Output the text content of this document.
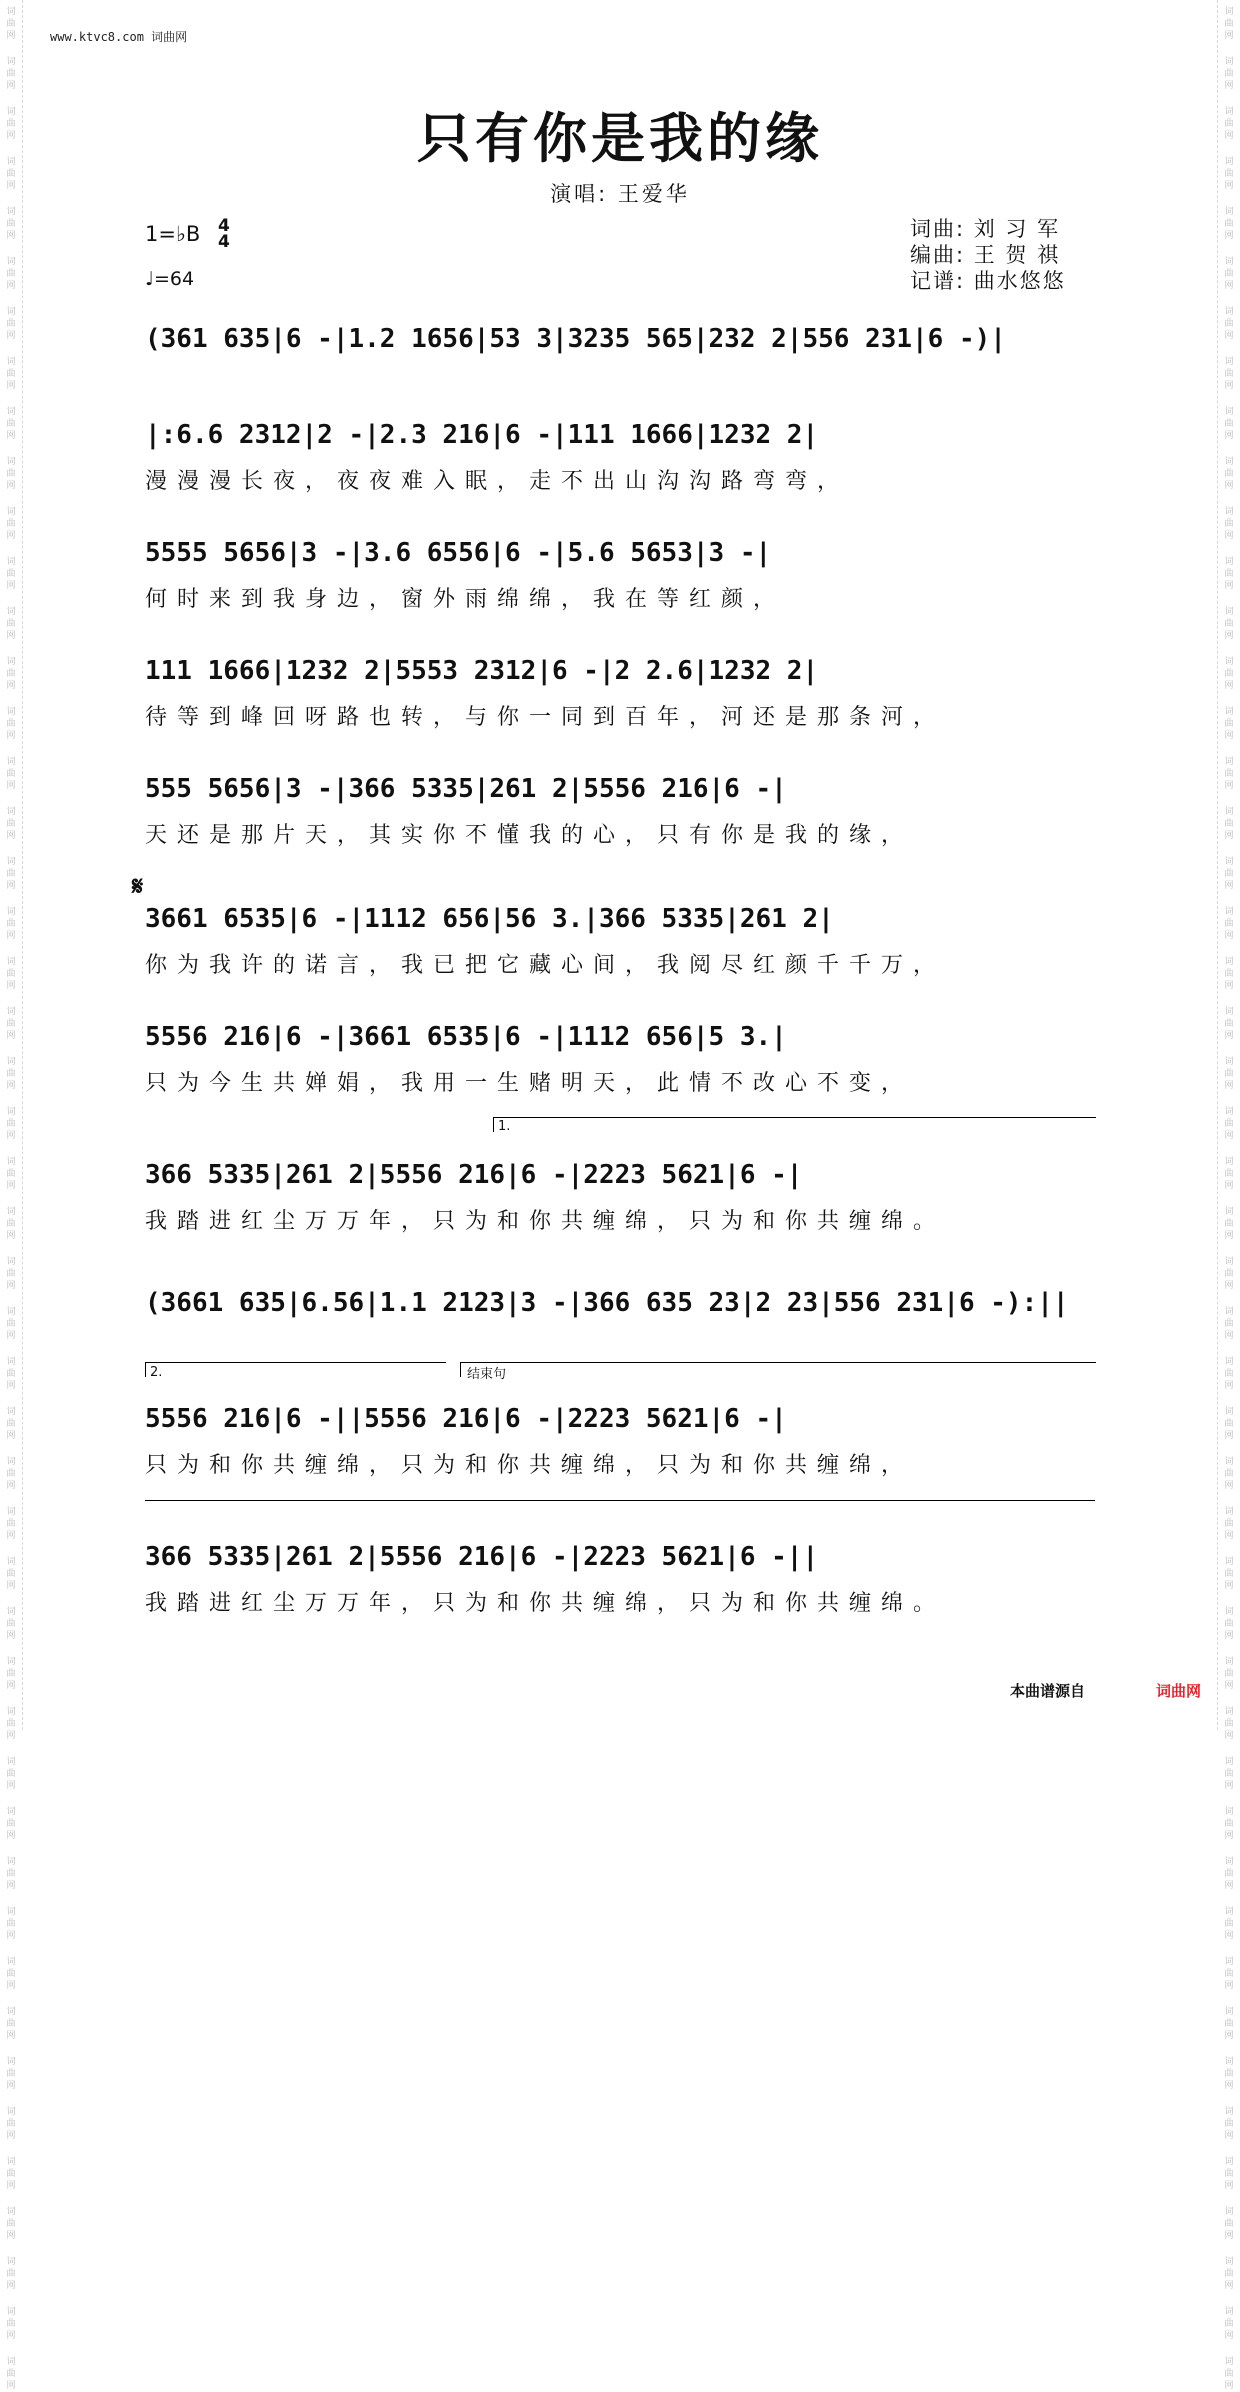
词
曲
网
词
曲
网
词
曲
网
词
曲
网
词
曲
网
词
曲
网
词
曲
网
词
曲
网
词
曲
网
词
曲
网
词
曲
网
词
曲
网
词
曲
网
词
曲
网
词
曲
网
词
曲
网
词
曲
网
词
曲
网
词
曲
网
词
曲
网
词
曲
网
词
曲
网
词
曲
网
词
曲
网
词
曲
网
词
曲
网
词
曲
网
词
曲
网
词
曲
网
词
曲
网
词
曲
网
词
曲
网
词
曲
网
词
曲
网
词
曲
网
词
曲
网
词
曲
网
词
曲
网
词
曲
网
词
曲
网
词
曲
网
词
曲
网
词
曲
网
词
曲
网
词
曲
网
词
曲
网
词
曲
网
词
曲
网
词
曲
网
词
曲
网
词
曲
网
词
曲
网
词
曲
网
词
曲
网
词
曲
网
词
曲
网
词
曲
网
词
曲
网
词
曲
网
词
曲
网
词
曲
网
词
曲
网
词
曲
网
词
曲
网
词
曲
网
词
曲
网
词
曲
网
词
曲
网
词
曲
网
词
曲
网
词
曲
网
词
曲
网
词
曲
网
词
曲
网
词
曲
网
词
曲
网
词
曲
网
词
曲
网
词
曲
网
词
曲
网
词
曲
网
词
曲
网
词
曲
网
词
曲
网
词
曲
网
词
曲
网
词
曲
网
词
曲
网
词
曲
网
词
曲
网
词
曲
网
词
曲
网
词
曲
网
词
曲
网
词
曲
网
词
曲
网
www.ktvc8.com 词曲网
只有你是我的缘
演唱: 王爱华
1=♭B 4
4
♩=64
词曲: 刘 习 军
编曲: 王 贺 祺
记谱: 曲水悠悠
(361 635|6 -|1.2 1656|53 3|3235 565|232 2|556 231|6 -)|
|:6.6 2312|2 -|2.3 216|6 -|111 1666|1232 2|
漫漫漫长夜，夜夜难入眠，走不出山沟沟路弯弯，
5555 5656|3 -|3.6 6556|6 -|5.6 5653|3 -|
何时来到我身边，窗外雨绵绵，我在等红颜，
111 1666|1232 2|5553 2312|6 -|2 2.6|1232 2|
待等到峰回呀路也转，与你一同到百年，河还是那条河，
555 5656|3 -|366 5335|261 2|5556 216|6 -|
天还是那片天，其实你不懂我的心，只有你是我的缘，
𝄋
3661 6535|6 -|1112 656|56 3.|366 5335|261 2|
你为我许的诺言，我已把它藏心间，我阅尽红颜千千万，
5556 216|6 -|3661 6535|6 -|1112 656|5 3.|
只为今生共婵娟，我用一生赌明天，此情不改心不变，
1.
366 5335|261 2|5556 216|6 -|2223 5621|6 -|
我踏进红尘万万年，只为和你共缠绵，只为和你共缠绵。
(3661 635|6.56|1.1 2123|3 -|366 635 23|2 23|556 231|6 -):||
2.	结束句
5556 216|6 -||5556 216|6 -|2223 5621|6 -|
只为和你共缠绵，只为和你共缠绵，只为和你共缠绵，
366 5335|261 2|5556 216|6 -|2223 5621|6 -||
我踏进红尘万万年，只为和你共缠绵，只为和你共缠绵。
本曲谱源自	词曲网
